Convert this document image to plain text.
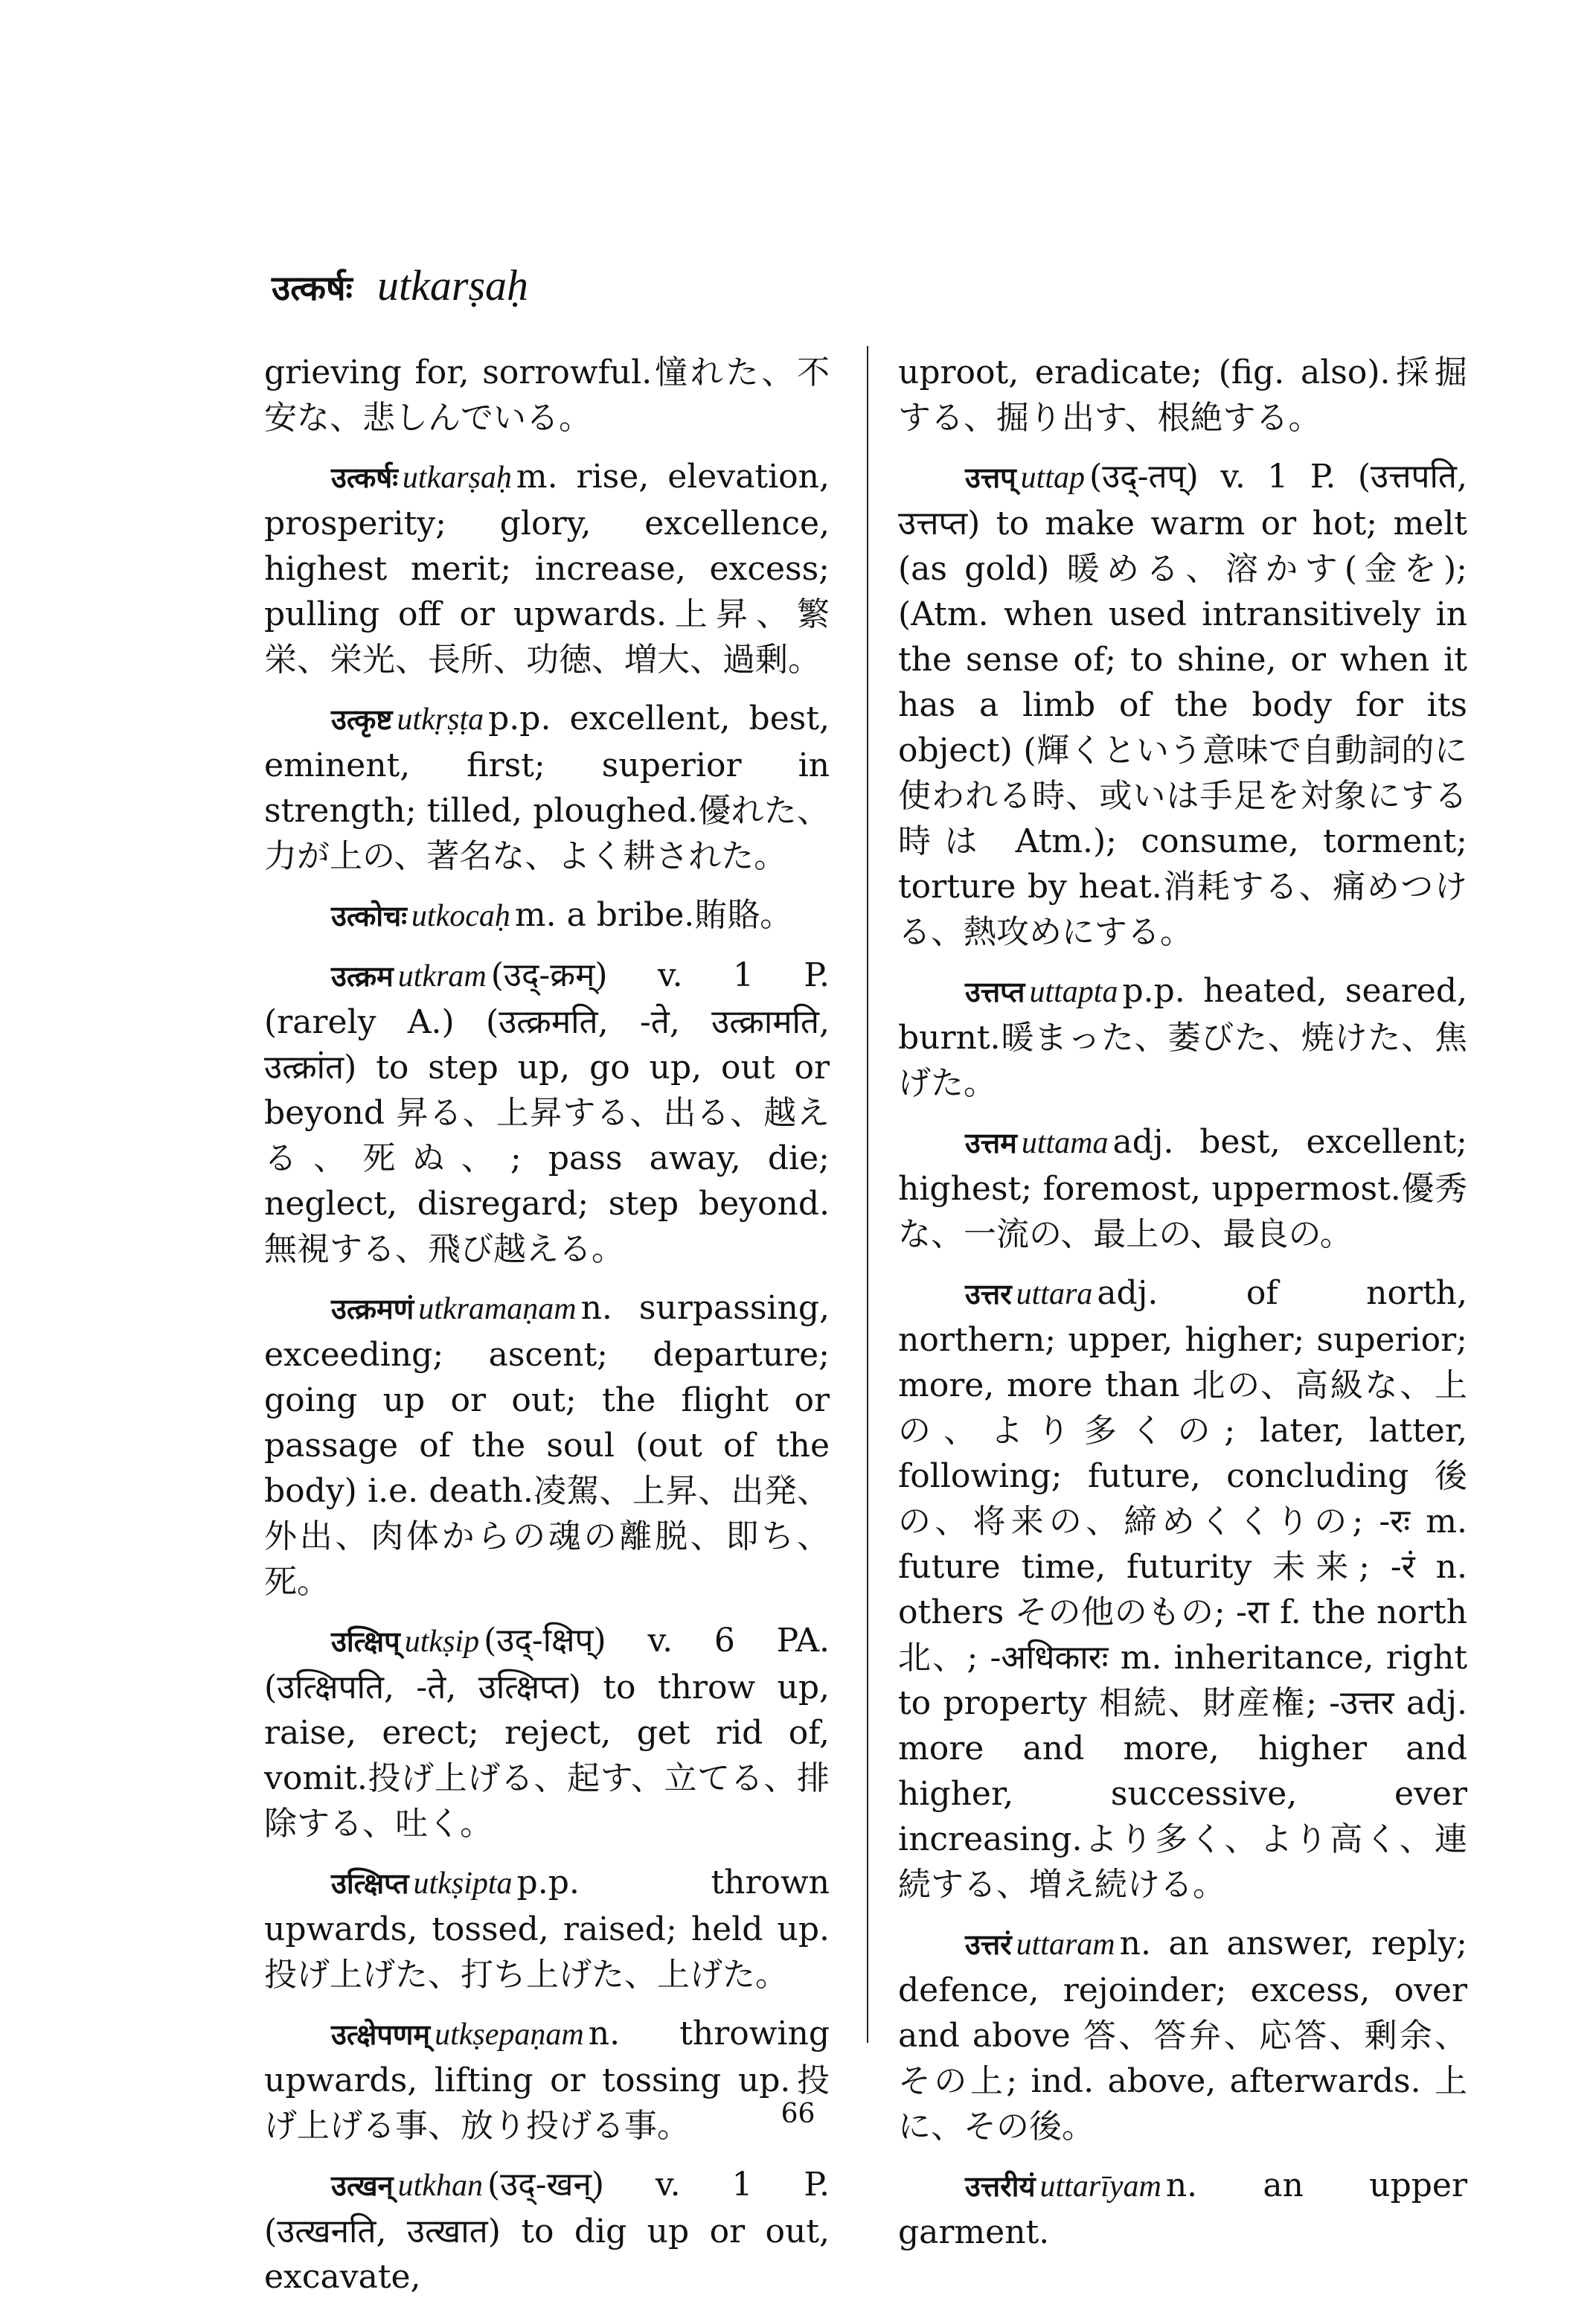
उत्कर्षः utkarṣaḥ

grieving for, sorrowful.憧れた、不安な、悲しんでいる。

उत्कर्षः utkarṣaḥ m. rise, elevation, prosperity; glory, excellence, highest merit; increase, excess; pulling off or upwards.上昇、繁栄、栄光、長所、功徳、増大、過剰。

उत्कृष्ट utkṛṣṭa p.p. excellent, best, eminent, first; superior in strength; tilled, ploughed.優れた、力が上の、著名な、よく耕された。

उत्कोचः utkocaḥ m. a bribe.賄賂。

उत्क्रम utkram (उद्-क्रम्) v. 1 P. (rarely A.) (उत्क्रमति, -ते, उत्क्रामति, उत्क्रांत) to step up, go up, out or beyond 昇る、上昇する、出る、越える、死ぬ、; pass away, die; neglect, disregard; step beyond.無視する、飛び越える。

उत्क्रमणं utkramaṇam n. surpassing, exceeding; ascent; departure; going up or out; the flight or passage of the soul (out of the body) i.e. death.凌駕、上昇、出発、外出、肉体からの魂の離脱、即ち、死。

उत्क्षिप् utkṣip (उद्-क्षिप्) v. 6 PA. (उत्क्षिपति, -ते, उत्क्षिप्त) to throw up, raise, erect; reject, get rid of, vomit.投げ上げる、起す、立てる、排除する、吐く。

उत्क्षिप्त utkṣipta p.p. thrown upwards, tossed, raised; held up.投げ上げた、打ち上げた、上げた。

उत्क्षेपणम् utkṣepaṇam n. throwing upwards, lifting or tossing up.投げ上げる事、放り投げる事。

उत्खन् utkhan (उद्-खन्) v. 1 P. (उत्खनति, उत्खात) to dig up or out, excavate,

uproot, eradicate; (fig. also).採掘する、掘り出す、根絶する。

उत्तप् uttap (उद्-तप्) v. 1 P. (उत्तपति, उत्तप्त) to make warm or hot; melt (as gold) 暖める、溶かす(金を); (Atm. when used intransitively in the sense of; to shine, or when it has a limb of the body for its object) (輝くという意味で自動詞的に使われる時、或いは手足を対象にする時は Atm.); consume, torment; torture by heat.消耗する、痛めつける、熱攻めにする。

उत्तप्त uttapta p.p. heated, seared, burnt.暖まった、萎びた、焼けた、焦げた。

उत्तम uttama adj. best, excellent; highest; foremost, uppermost.優秀な、一流の、最上の、最良の。

उत्तर uttara adj. of north, northern; upper, higher; superior; more, more than 北の、高級な、上の、より多くの; later, latter, following; future, concluding 後の、将来の、締めくくりの; -रः m. future time, futurity 未来; -रं n. others その他のもの; -रा f. the north 北、; -अधिकारः m. inheritance, right to property 相続、財産権; -उत्तर adj. more and more, higher and higher, successive, ever increasing.より多く、より高く、連続する、増え続ける。

उत्तरं uttaram n. an answer, reply; defence, rejoinder; excess, over and above 答、答弁、応答、剰余、その上; ind. above, afterwards. 上に、その後。

उत्तरीयं uttarīyam n. an upper garment.

66
